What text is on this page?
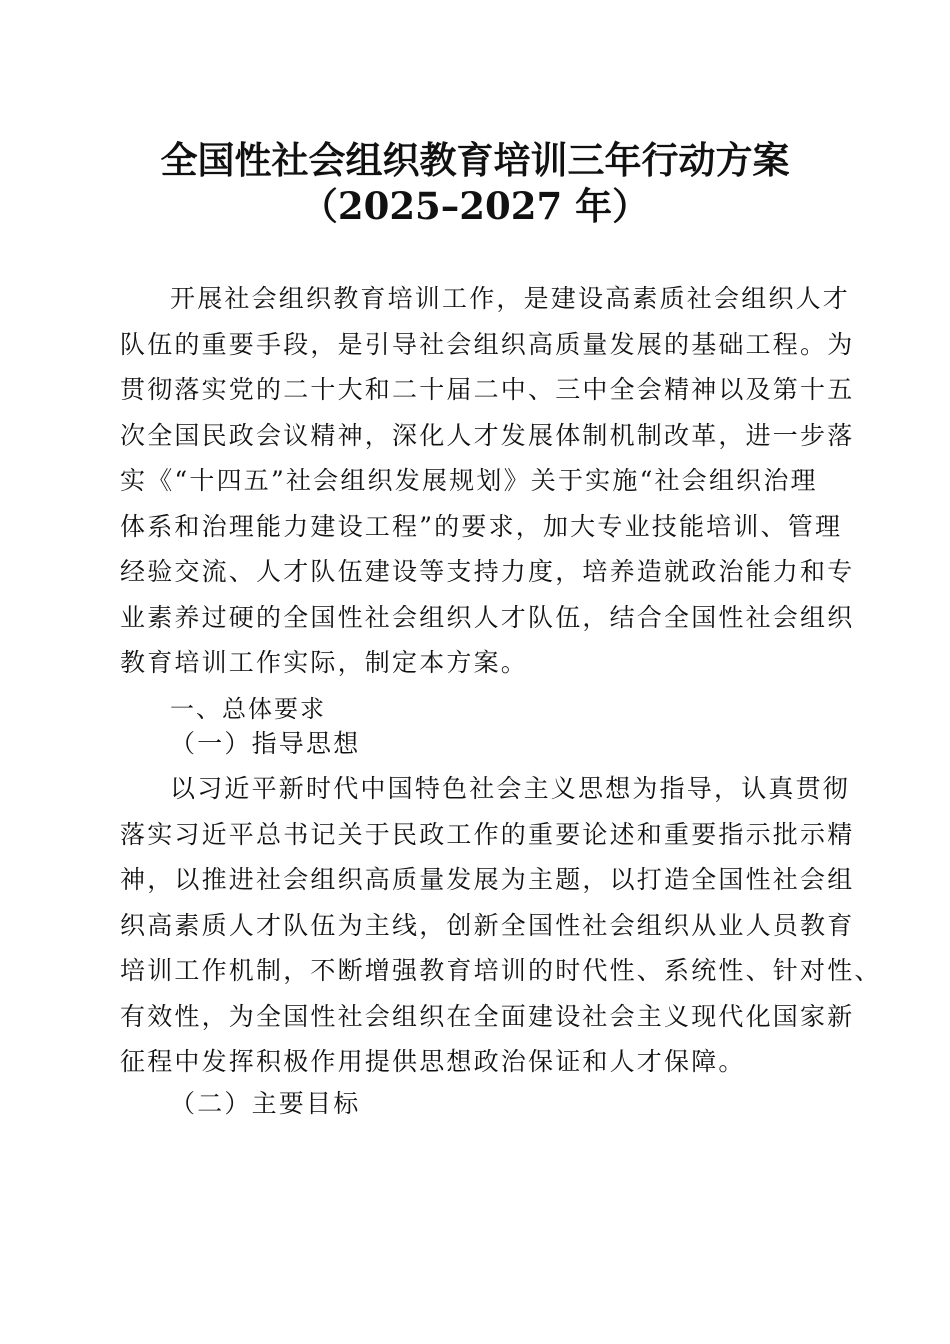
全国性社会组织教育培训三年行动方案
（2025–2027 年）
开展社会组织教育培训工作，是建设高素质社会组织人才
队伍的重要手段，是引导社会组织高质量发展的基础工程。为
贯彻落实党的二十大和二十届二中、三中全会精神以及第十五
次全国民政会议精神，深化人才发展体制机制改革，进一步落
实《“十四五”社会组织发展规划》关于实施“社会组织治理
体系和治理能力建设工程”的要求，加大专业技能培训、管理
经验交流、人才队伍建设等支持力度，培养造就政治能力和专
业素养过硬的全国性社会组织人才队伍，结合全国性社会组织
教育培训工作实际，制定本方案。
一、总体要求
（一）指导思想
以习近平新时代中国特色社会主义思想为指导，认真贯彻
落实习近平总书记关于民政工作的重要论述和重要指示批示精
神，以推进社会组织高质量发展为主题，以打造全国性社会组
织高素质人才队伍为主线，创新全国性社会组织从业人员教育
培训工作机制，不断增强教育培训的时代性、系统性、针对性、
有效性，为全国性社会组织在全面建设社会主义现代化国家新
征程中发挥积极作用提供思想政治保证和人才保障。
（二）主要目标
